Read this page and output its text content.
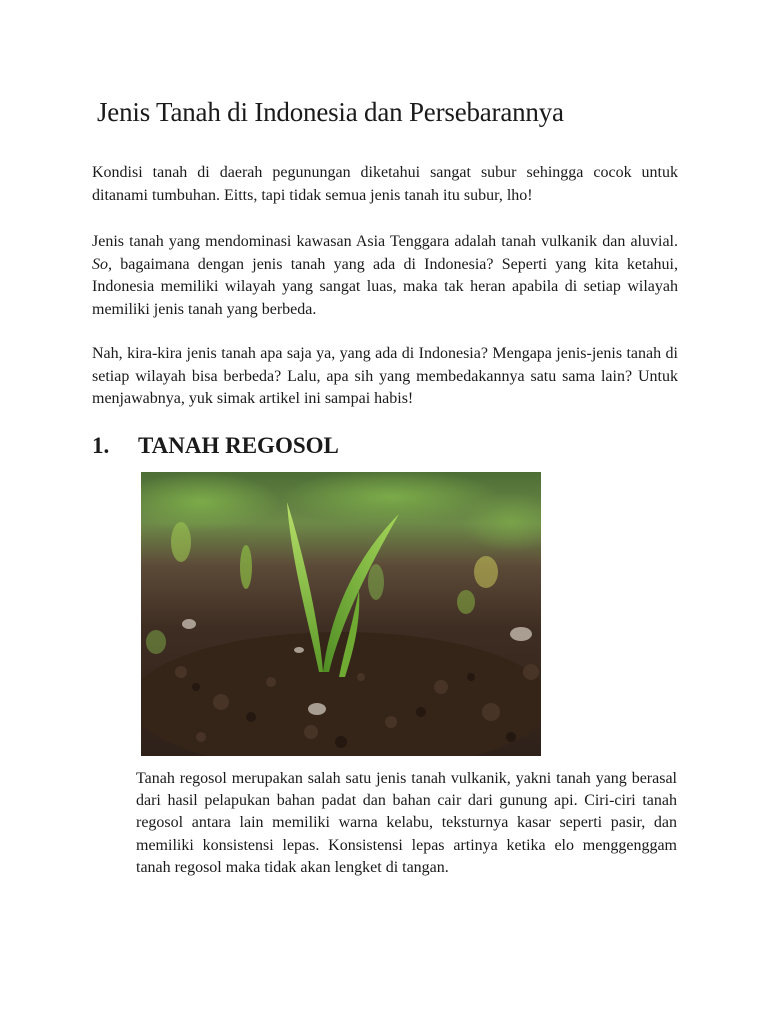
Jenis Tanah di Indonesia dan Persebarannya

Kondisi tanah di daerah pegunungan diketahui sangat subur sehingga cocok untuk ditanami tumbuhan. Eitts, tapi tidak semua jenis tanah itu subur, lho!

Jenis tanah yang mendominasi kawasan Asia Tenggara adalah tanah vulkanik dan aluvial. So, bagaimana dengan jenis tanah yang ada di Indonesia? Seperti yang kita ketahui, Indonesia memiliki wilayah yang sangat luas, maka tak heran apabila di setiap wilayah memiliki jenis tanah yang berbeda.

Nah, kira-kira jenis tanah apa saja ya, yang ada di Indonesia? Mengapa jenis-jenis tanah di setiap wilayah bisa berbeda? Lalu, apa sih yang membedakannya satu sama lain? Untuk menjawabnya, yuk simak artikel ini sampai habis!

1.	TANAH REGOSOL

Tanah regosol merupakan salah satu jenis tanah vulkanik, yakni tanah yang berasal dari hasil pelapukan bahan padat dan bahan cair dari gunung api. Ciri-ciri tanah regosol antara lain memiliki warna kelabu, teksturnya kasar seperti pasir, dan memiliki konsistensi lepas. Konsistensi lepas artinya ketika elo menggenggam tanah regosol maka tidak akan lengket di tangan.
